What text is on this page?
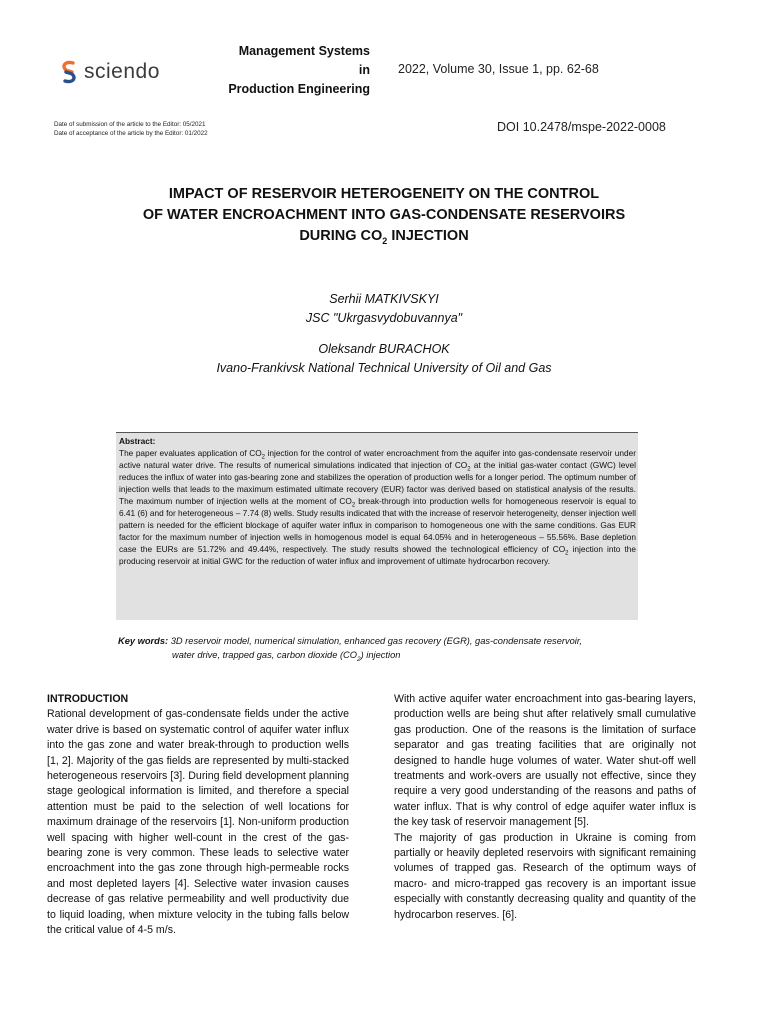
sciendo
Management Systems
in
Production Engineering
2022, Volume 30, Issue 1, pp. 62-68
Date of submission of the article to the Editor: 05/2021
Date of acceptance of the article by the Editor: 01/2022	DOI 10.2478/mspe-2022-0008
IMPACT OF RESERVOIR HETEROGENEITY ON THE CONTROL
OF WATER ENCROACHMENT INTO GAS-CONDENSATE RESERVOIRS
DURING $CO_2$ INJECTION
Serhii MATKIVSKYI
JSC "Ukrgasvydobuvannya"
Oleksandr BURACHOK
Ivano-Frankivsk National Technical University of Oil and Gas
Abstract:
The paper evaluates application of $CO_2$ injection for the control of water encroachment from the aquifer into gas-condensate reservoir under active natural water drive. The results of numerical simulations indicated that injection of $CO_2$ at the initial gas-water contact (GWC) level reduces the influx of water into gas-bearing zone and stabilizes the operation of production wells for a longer period. The optimum number of injection wells that leads to the maximum estimated ultimate recovery (EUR) factor was derived based on statistical analysis of the results. The maximum number of injection wells at the moment of $CO_2$ break-through into production wells for homogeneous reservoir is equal to 6.41 (6) and for heterogeneous – 7.74 (8) wells. Study results indicated that with the increase of reservoir heterogeneity, denser injection well pattern is needed for the efficient blockage of aquifer water influx in comparison to homogeneous one with the same conditions. Gas EUR factor for the maximum number of injection wells in homogenous model is equal 64.05% and in heterogeneous – 55.56%. Base depletion case the EURs are 51.72% and 49.44%, respectively. The study results showed the technological efficiency of $CO_2$ injection into the producing reservoir at initial GWC for the reduction of water influx and improvement of ultimate hydrocarbon recovery.
Key words: 3D reservoir model, numerical simulation, enhanced gas recovery (EGR), gas-condensate reservoir,
water drive, trapped gas, carbon dioxide $(CO_2)$ injection
INTRODUCTION

Rational development of gas-condensate fields under the active water drive is based on systematic control of aquifer water influx into the gas zone and water break-through to production wells [1, 2]. Majority of the gas fields are represented by multi-stacked heterogeneous reservoirs [3]. During field development planning stage geological information is limited, and therefore a special attention must be paid to the selection of well locations for maximum drainage of the reservoirs [1]. Non-uniform production well spacing with higher well-count in the crest of the gas-bearing zone is very common. These leads to selective water encroachment into the gas zone through high-permeable rocks and most depleted layers [4]. Selective water invasion causes decrease of gas relative permeability and well productivity due to liquid loading, when mixture velocity in the tubing falls below the critical value of 4-5 m/s.

With active aquifer water encroachment into gas-bearing layers, production wells are being shut after relatively small cumulative gas production. One of the reasons is the limitation of surface separator and gas treating facilities that are originally not designed to handle huge volumes of water. Water shut-off well treatments and work-overs are usually not effective, since they require a very good understanding of the reasons and paths of water influx. That is why control of edge aquifer water influx is the key task of reservoir management [5].

The majority of gas production in Ukraine is coming from partially or heavily depleted reservoirs with significant remaining volumes of trapped gas. Research of the optimum ways of macro- and micro-trapped gas recovery is an important issue especially with constantly decreasing quality and quantity of the hydrocarbon reserves. [6].
